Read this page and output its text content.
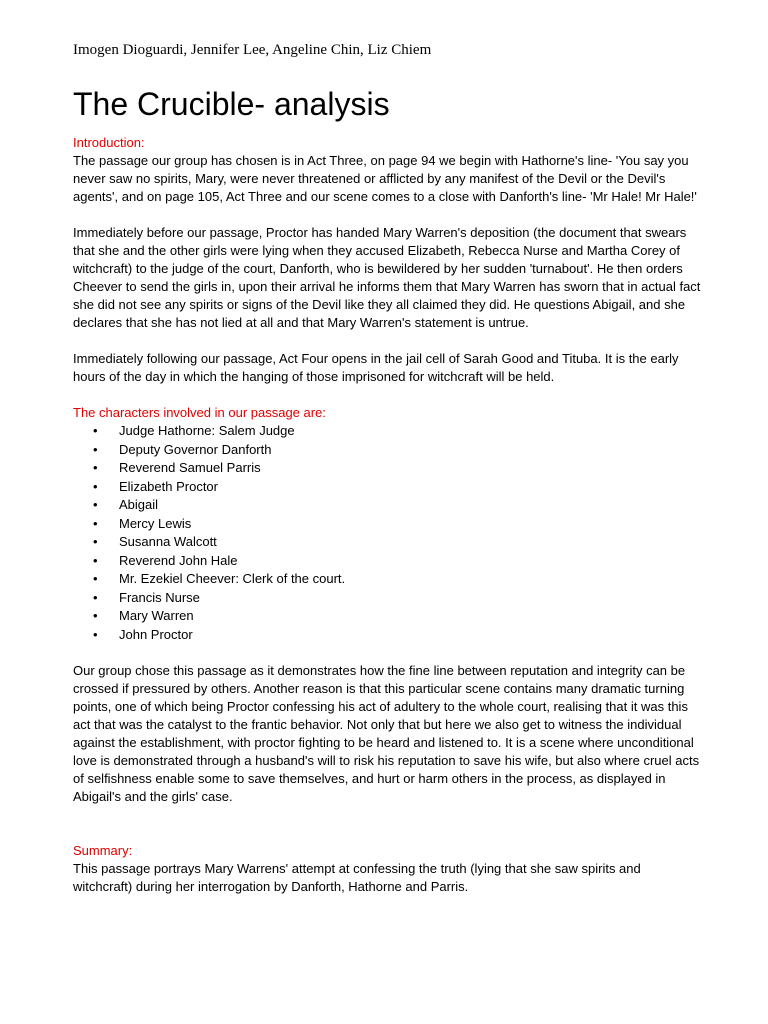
Imogen Dioguardi, Jennifer Lee, Angeline Chin, Liz Chiem

The Crucible- analysis

Introduction:

The passage our group has chosen is in Act Three, on page 94 we begin with Hathorne's line- 'You say you never saw no spirits, Mary, were never threatened or afflicted by any manifest of the Devil or the Devil's agents', and on page 105, Act Three and our scene comes to a close with Danforth's line- 'Mr Hale! Mr Hale!'

Immediately before our passage, Proctor has handed Mary Warren's deposition (the document that swears that she and the other girls were lying when they accused Elizabeth, Rebecca Nurse and Martha Corey of witchcraft) to the judge of the court, Danforth, who is bewildered by her sudden 'turnabout'. He then orders Cheever to send the girls in, upon their arrival he informs them that Mary Warren has sworn that in actual fact she did not see any spirits or signs of the Devil like they all claimed they did. He questions Abigail, and she declares that she has not lied at all and that Mary Warren's statement is untrue.

Immediately following our passage, Act Four opens in the jail cell of Sarah Good and Tituba. It is the early hours of the day in which the hanging of those imprisoned for witchcraft will be held.

The characters involved in our passage are:

• Judge Hathorne: Salem Judge
• Deputy Governor Danforth
• Reverend Samuel Parris
• Elizabeth Proctor
• Abigail
• Mercy Lewis
• Susanna Walcott
• Reverend John Hale
• Mr. Ezekiel Cheever: Clerk of the court.
• Francis Nurse
• Mary Warren
• John Proctor

Our group chose this passage as it demonstrates how the fine line between reputation and integrity can be crossed if pressured by others. Another reason is that this particular scene contains many dramatic turning points, one of which being Proctor confessing his act of adultery to the whole court, realising that it was this act that was the catalyst to the frantic behavior. Not only that but here we also get to witness the individual against the establishment, with proctor fighting to be heard and listened to. It is a scene where unconditional love is demonstrated through a husband's will to risk his reputation to save his wife, but also where cruel acts of selfishness enable some to save themselves, and hurt or harm others in the process, as displayed in Abigail's and the girls' case.

Summary:

This passage portrays Mary Warrens' attempt at confessing the truth (lying that she saw spirits and witchcraft) during her interrogation by Danforth, Hathorne and Parris.
